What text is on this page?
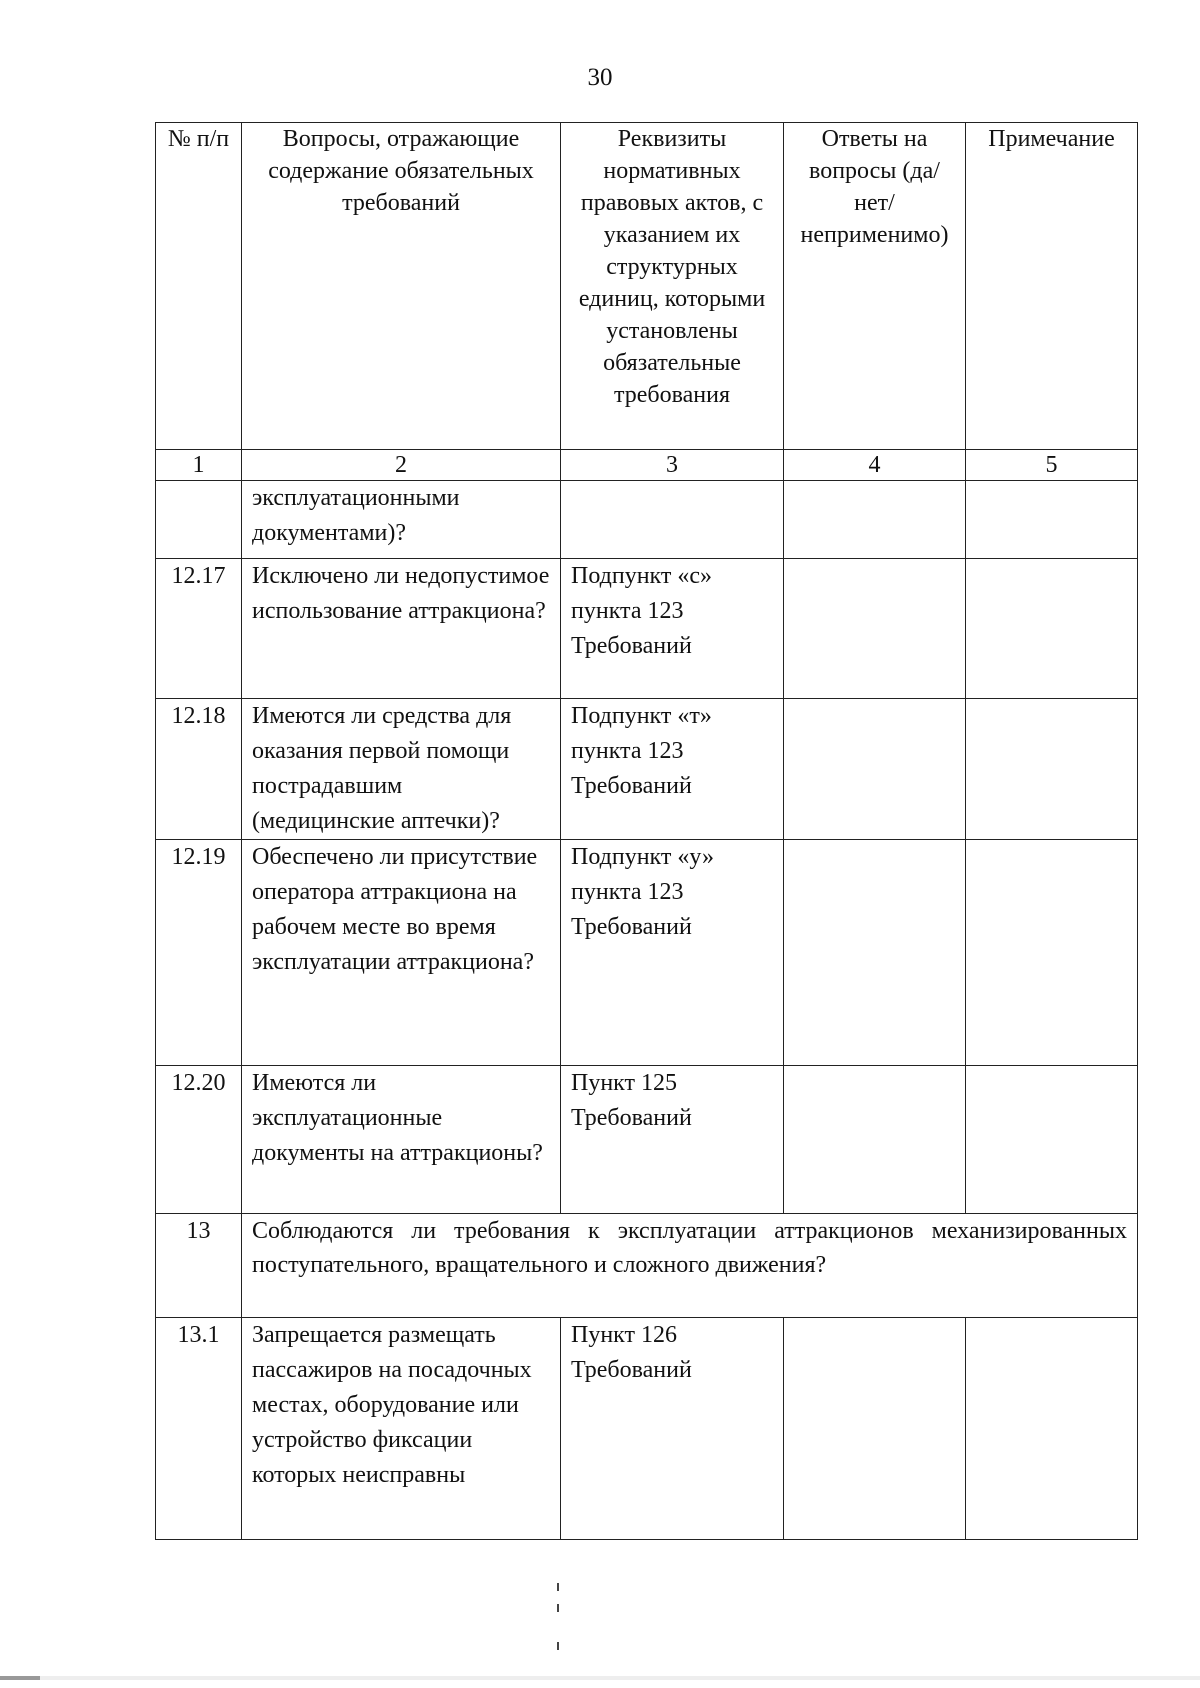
30
№ п/п	Вопросы, отражающие содержание обязательных требований	Реквизиты нормативных правовых актов, с указанием их структурных единиц, которыми установлены обязательные требования	Ответы на вопросы (да/нет/ неприменимо)	Примечание
1	2	3	4	5
	эксплуатационными документами)?			
12.17	Исключено ли недопустимое использование аттракциона?	Подпункт «с» пункта 123 Требований		
12.18	Имеются ли средства для оказания первой помощи пострадавшим (медицинские аптечки)?	Подпункт «т» пункта 123 Требований		
12.19	Обеспечено ли присутствие оператора аттракциона на рабочем месте во время эксплуатации аттракциона?	Подпункт «у» пункта 123 Требований		
12.20	Имеются ли эксплуатационные документы на аттракционы?	Пункт 125 Требований		
13	Соблюдаются ли требования к эксплуатации аттракционов механизированных поступательного, вращательного и сложного движения?			
13.1	Запрещается размещать пассажиров на посадочных местах, оборудование или устройство фиксации которых неисправны	Пункт 126 Требований		
